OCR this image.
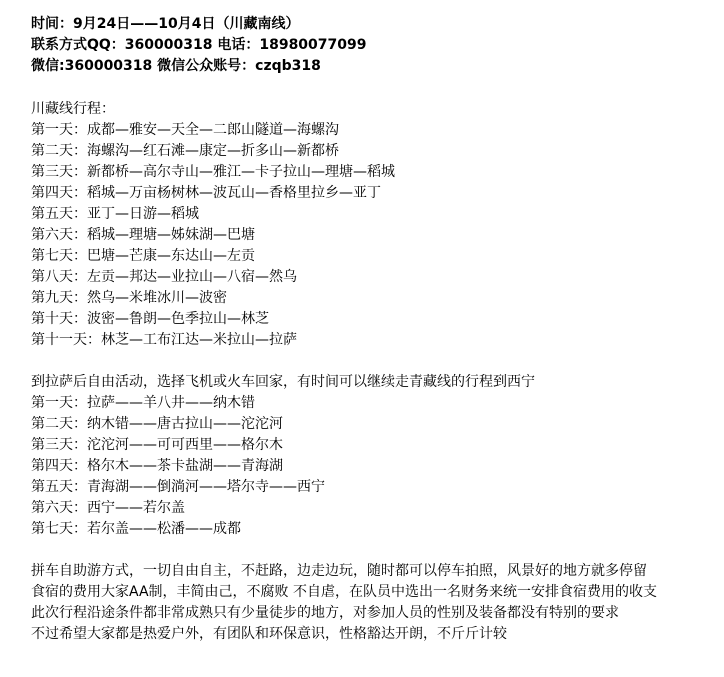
时间：9月24日——10月4日（川藏南线）
联系方式QQ：360000318 电话：18980077099
微信:360000318 微信公众账号：czqb318
川藏线行程：
第一天：成都—雅安—天全—二郎山隧道—海螺沟
第二天：海螺沟—红石滩—康定—折多山—新都桥
第三天：新都桥—高尔寺山—雅江—卡子拉山—理塘—稻城
第四天：稻城—万亩杨树林—波瓦山—香格里拉乡—亚丁
第五天：亚丁—日游—稻城
第六天：稻城—理塘—姊妹湖—巴塘
第七天：巴塘—芒康—东达山—左贡
第八天：左贡—邦达—业拉山—八宿—然乌
第九天：然乌—米堆冰川—波密
第十天：波密—鲁朗—色季拉山—林芝
第十一天：林芝—工布江达—米拉山—拉萨
到拉萨后自由活动，选择飞机或火车回家，有时间可以继续走青藏线的行程到西宁
第一天：拉萨——羊八井——纳木错
第二天：纳木错——唐古拉山——沱沱河
第三天：沱沱河——可可西里——格尔木
第四天：格尔木——茶卡盐湖——青海湖
第五天：青海湖——倒淌河——塔尔寺——西宁
第六天：西宁——若尔盖
第七天：若尔盖——松潘——成都
拼车自助游方式，一切自由自主，不赶路，边走边玩，随时都可以停车拍照，风景好的地方就多停留
食宿的费用大家AA制，丰简由己，不腐败 不自虐，在队员中选出一名财务来统一安排食宿费用的收支
此次行程沿途条件都非常成熟只有少量徒步的地方，对参加人员的性别及装备都没有特别的要求
不过希望大家都是热爱户外，有团队和环保意识，性格豁达开朗，不斤斤计较
